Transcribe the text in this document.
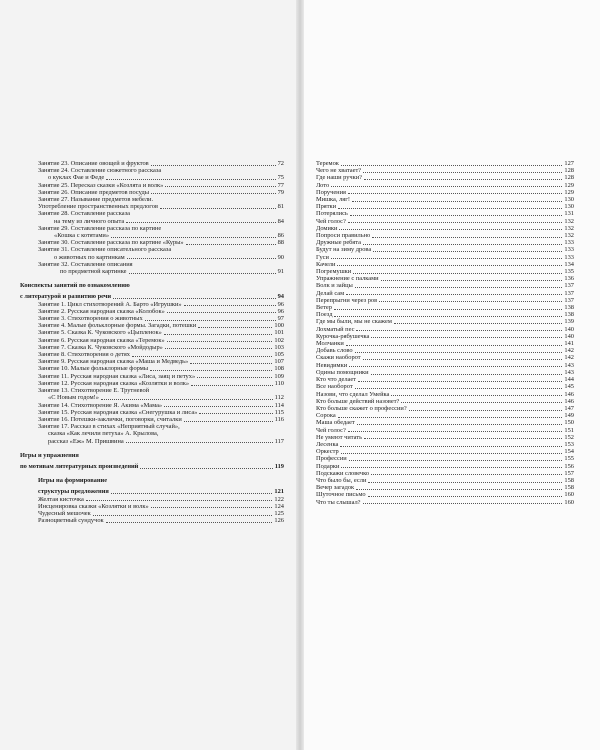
Занятие 23. Описание овощей и фруктов	72
Занятие 24. Составление сюжетного рассказа
о куклах Фае и Феде	75
Занятие 25. Пересказ сказки «Козлята и волк»	77
Занятие 26. Описание предметов посуды	79
Занятие 27. Называние предметов мебели.
Употребление пространственных предлогов	81
Занятие 28. Составление рассказа
на тему из личного опыта	84
Занятие 29. Составление рассказа по картине
«Кошка с котятами»	86
Занятие 30. Составление рассказа по картине «Куры»	88
Занятие 31. Составление описательного рассказа
о животных по картинкам	90
Занятие 32. Составление описания
по предметной картинке	91
Конспекты занятий по ознакомлению
с литературой и развитию речи	94
Занятие 1. Цикл стихотворений А. Барто «Игрушки»	96
Занятие 2. Русская народная сказка «Колобок»	96
Занятие 3. Стихотворения о животных	97
Занятие 4. Малые фольклорные формы. Загадки, потешки	100
Занятие 5. Сказка К. Чуковского «Цыпленок»	101
Занятие 6. Русская народная сказка «Теремок»	102
Занятие 7. Сказка К. Чуковского «Мойдодыр»	103
Занятие 8. Стихотворения о детях	105
Занятие 9. Русская народная сказка «Маша и Медведь»	107
Занятие 10. Малые фольклорные формы	108
Занятие 11. Русская народная сказка «Лиса, заяц и петух»	109
Занятие 12. Русская народная сказка «Козлятки и волк»	110
Занятие 13. Стихотворение Е. Трутневой
«С Новым годом!»	112
Занятие 14. Стихотворение Я. Акима «Мама»	114
Занятие 15. Русская народная сказка «Снегурушка и лиса»	115
Занятие 16. Потешки-заклички, поговорки, считалки	116
Занятие 17. Рассказ в стихах «Неприятный случай»,
сказка «Как лечили петуха» А. Крылова,
рассказ «Еж» М. Пришвина	117
Игры и упражнения
по мотивам литературных произведений	119
Игры на формирование
структуры предложения	121
Желтая кисточка	122
Инсценировка сказки «Козлятки и волк»	124
Чудесный мешочек	125
Разноцветный сундучок	126
Теремок	127
Чего не хватает?	128
Где наши ручки?	128
Лото	129
Поручения	129
Мишка, ляг!	130
Прятки	130
Потерялись	131
Чей голос?	132
Домики	132
Попроси правильно	132
Дружные ребята	133
Будут на зиму дрова	133
Гуси	133
Качели	134
Погремушки	135
Упражнение с палками	136
Волк и зайцы	137
Делай сам	137
Перепрыгни через ров	137
Ветер	138
Поезд	138
Где мы были, мы не скажем	139
Лохматый пес	140
Курочка-рябушечка	140
Молчанки	141
Добавь слово	142
Скажи наоборот	142
Невидимки	143
Одины помощники	143
Кто что делает	144
Все наоборот	145
Назови, что сделал Умейка	146
Кто больше действий назовет?	146
Кто больше скажет о профессии?	147
Сорока	149
Маша обедает	150
Чей голос?	151
Не умеют читать	152
Лесенка	153
Оркестр	154
Профессии	155
Подарки	156
Подскажи словечко	157
Что было бы, если	158
Вечер загадок	158
Шуточное письмо	160
Что ты слышал?	160
